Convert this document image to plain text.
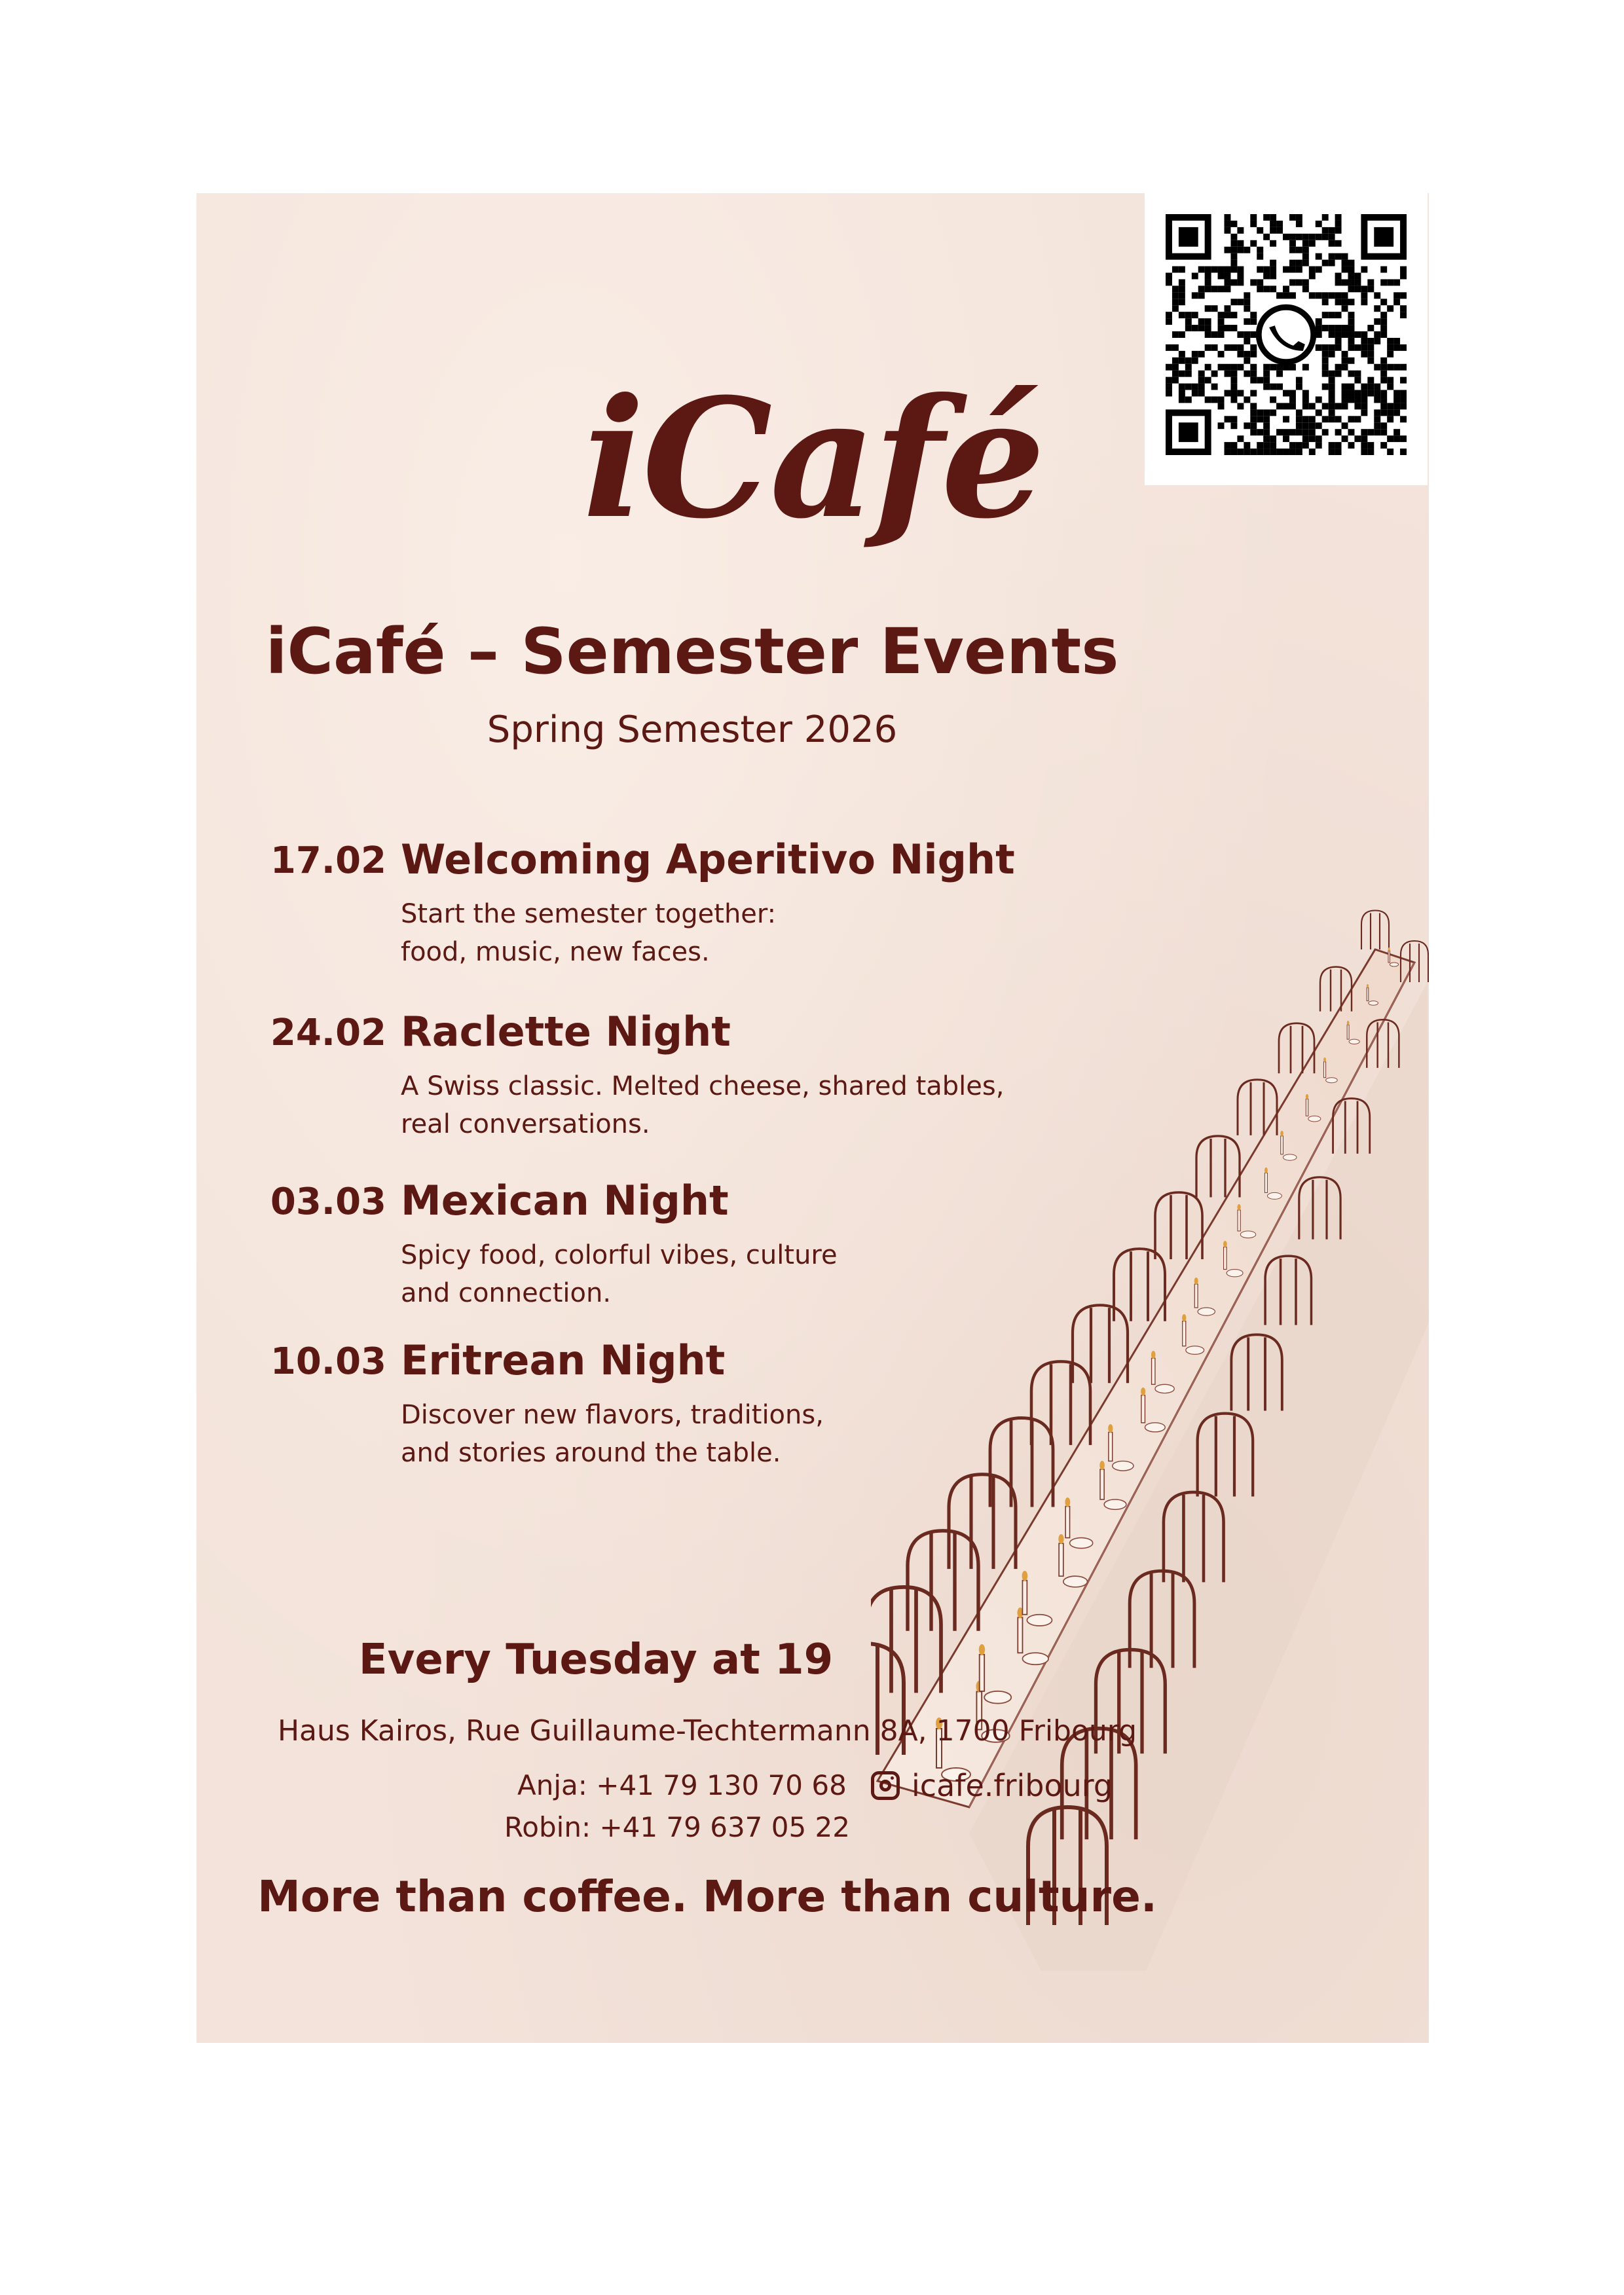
iCafé
iCafé – Semester Events
Spring Semester 2026
17.02 Welcoming Aperitivo Night
Start the semester together:
food, music, new faces.
24.02 Raclette Night
A Swiss classic. Melted cheese, shared tables,
real conversations.
03.03 Mexican Night
Spicy food, colorful vibes, culture
and connection.
10.03 Eritrean Night
Discover new flavors, traditions,
and stories around the table.
Every Tuesday at 19
Haus Kairos, Rue Guillaume-Techtermann 8A, 1700 Fribourg
Anja: +41 79 130 70 68
Robin: +41 79 637 05 22
icafe.fribourg
More than coffee. More than culture.
